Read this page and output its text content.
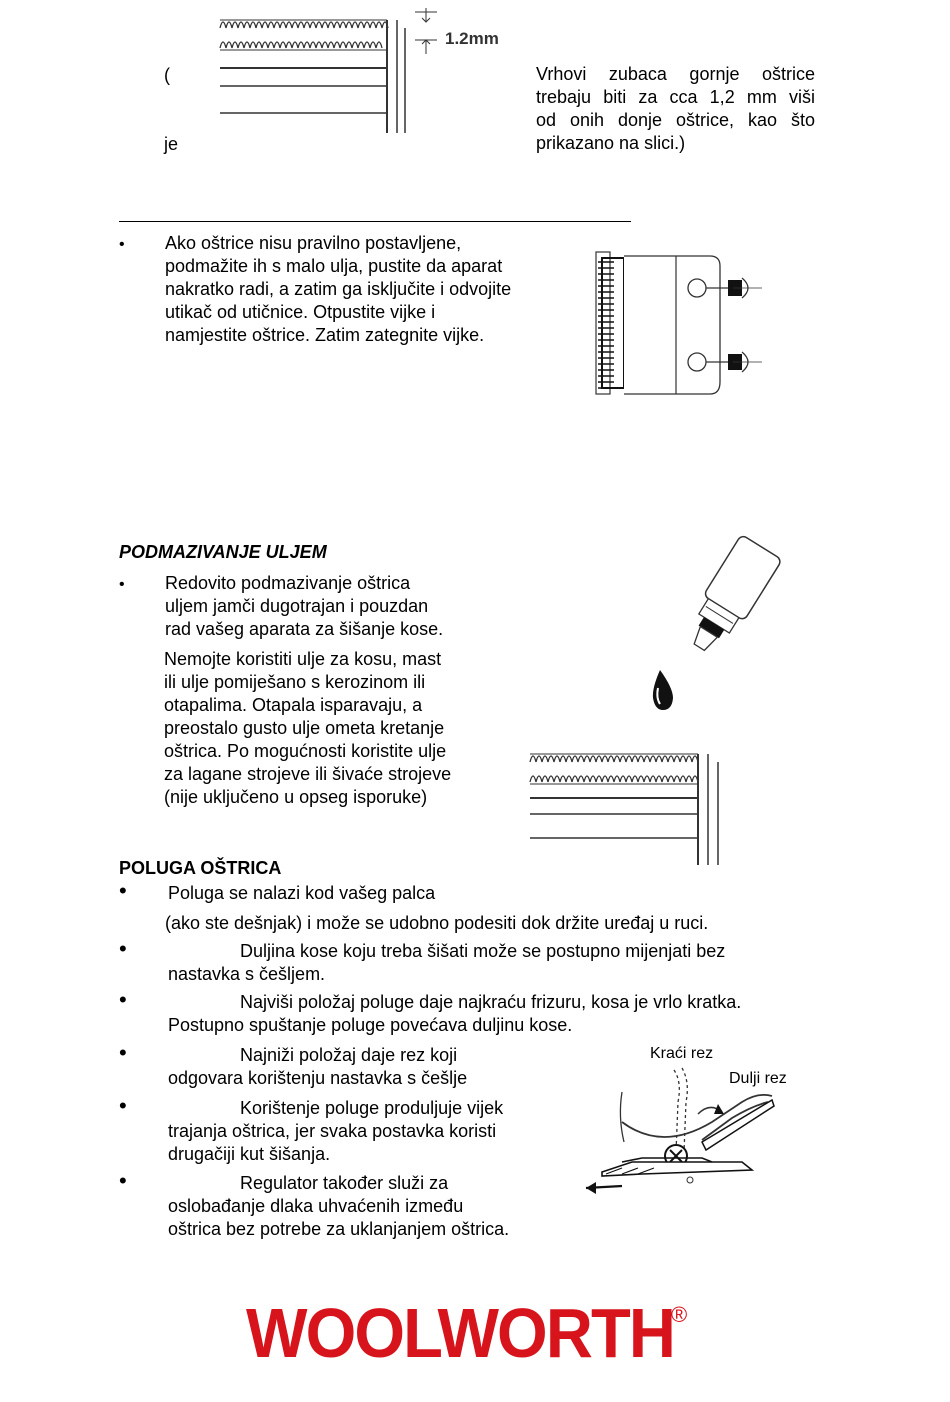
(
je
1.2mm
Vrhovi zubaca gornje oštrice
trebaju biti za cca 1,2 mm viši
od onih donje oštrice, kao što
prikazano na slici.)
• Ako oštrice nisu pravilno postavljene,
podmažite ih s malo ulja, pustite da aparat
nakratko radi, a zatim ga isključite i odvojite
utikač od utičnice. Otpustite vijke i
namjestite oštrice. Zatim zategnite vijke.
PODMAZIVANJE ULJEM
• Redovito podmazivanje oštrica
uljem jamči dugotrajan i pouzdan
rad vašeg aparata za šišanje kose.
Nemojte koristiti ulje za kosu, mast
ili ulje pomiješano s kerozinom ili
otapalima. Otapala isparavaju, a
preostalo gusto ulje ometa kretanje
oštrica. Po mogućnosti koristite ulje
za lagane strojeve ili šivaće strojeve
(nije uključeno u opseg isporuke)
POLUGA OŠTRICA
• Poluga se nalazi kod vašeg palca
(ako ste dešnjak) i može se udobno podesiti dok držite uređaj u ruci.
•	Duljina kose koju treba šišati može se postupno mijenjati bez
nastavka s češljem.
•	Najviši položaj poluge daje najkraću frizuru, kosa je vrlo kratka.
Postupno spuštanje poluge povećava duljinu kose.
•	Najniži položaj daje rez koji
odgovara korištenju nastavka s češlje
•	Korištenje poluge produljuje vijek
trajanja oštrica, jer svaka postavka koristi
drugačiji kut šišanja.
•	Regulator također služi za
oslobađanje dlaka uhvaćenih između
oštrica bez potrebe za uklanjanjem oštrica.
Kraći rez
Dulji rez
WOOLWORTH
®
